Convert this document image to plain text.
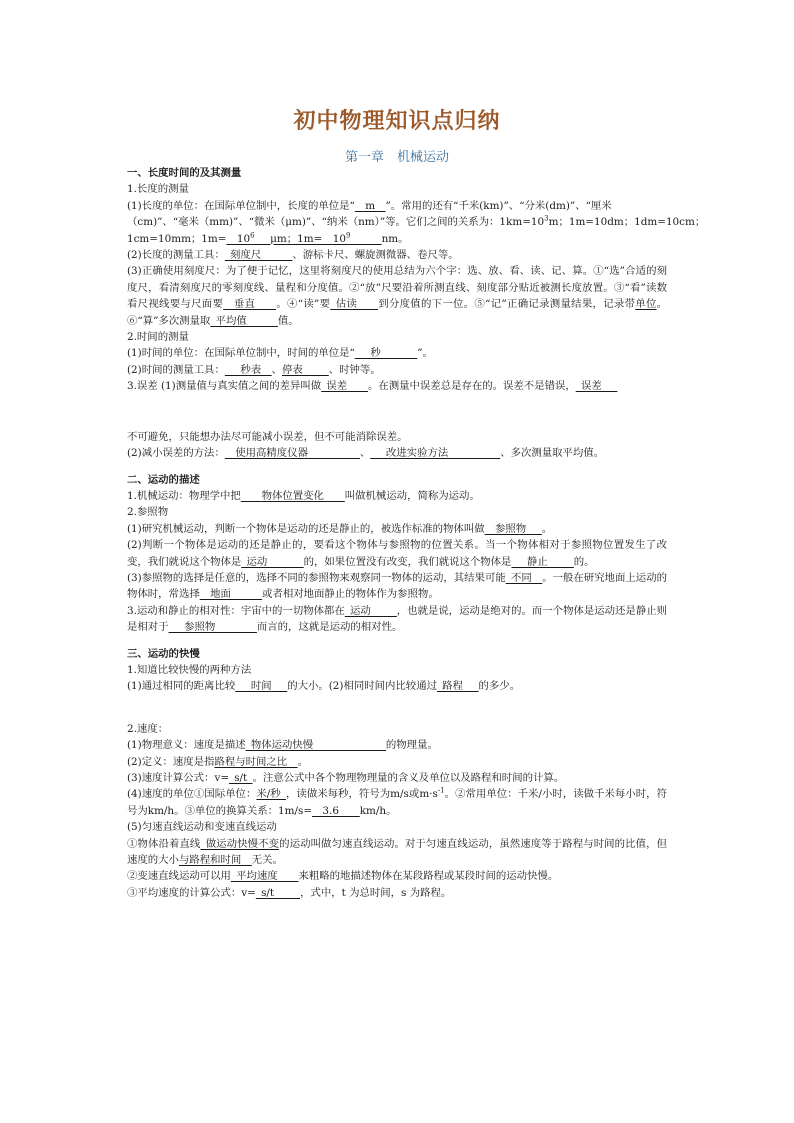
初中物理知识点归纳
第一章　机械运动

一、长度时间的及其测量

1.长度的测量

(1)长度的单位：在国际单位制中，长度的单位是“__m__”。常用的还有“千米(km)”、“分米(dm)”、“厘米

（cm)”、“毫米（mm)”、“微米（μm)”、“纳米（nm）”等。它们之间的关系为：$1km=10^3m$；1m=10dm；1dm=10cm；

1cm=10mm；$1m=\_\_10^6\_\_\_\mu m$；$1m=\_\_10^9\_\_\_\_\_\_nm$。

(2)长度的测量工具：_刻度尺______、游标卡尺、螺旋测微器、卷尺等。

(3)正确使用刻度尺：为了便于记忆，这里将刻度尺的使用总结为六个字：选、放、看、读、记、算。①“选”合适的刻度尺，看清刻度尺的零刻度线、量程和分度值。②“放”尺要沿着所测直线、刻度部分贴近被测长度放置。③“看”读数看尺视线要与尺面要__垂直____。④“读”要_估读____到分度值的下一位。⑤“记”正确记录测量结果，记录带单位。⑥“算”多次测量取_平均值______值。

2.时间的测量

(1)时间的单位：在国际单位制中，时间的单位是“___秒_______”。

(2)时间的测量工具：___秒表__、停表_____、时钟等。

3.误差 (1)测量值与真实值之间的差异叫做_误差____。在测量中误差总是存在的。误差不是错误，_误差___

不可避免，只能想办法尽可能减小误差，但不可能消除误差。

(2)减小误差的方法：__使用高精度仪器__________、___改进实验方法__________、多次测量取平均值。

二、运动的描述

1.机械运动：物理学中把____物体位置变化____叫做机械运动，简称为运动。

2.参照物

(1)研究机械运动，判断一个物体是运动的还是静止的，被选作标准的物体叫做__参照物___。

(2)判断一个物体是运动的还是静止的，要看这个物体与参照物的位置关系。当一个物体相对于参照物位置发生了改变，我们就说这个物体是_运动_______的，如果位置没有改变，我们就说这个物体是___静止_____的。

(3)参照物的选择是任意的，选择不同的参照物来观察同一物体的运动，其结果可能_不同__。一般在研究地面上运动的物体时，常选择__地面______或者相对地面静止的物体作为参照物。

3.运动和静止的相对性：宇宙中的一切物体都在_运动_____，也就是说，运动是绝对的。而一个物体是运动还是静止则是相对于___参照物________而言的，这就是运动的相对性。

三、运动的快慢

1.知道比较快慢的两种方法

(1)通过相同的距离比较___时间___的大小。(2)相同时间内比较通过_路程___的多少。

2.速度：

(1)物理意义：速度是描述_物体运动快慢______________的物理量。

(2)定义：速度是指路程与时间之比__。

(3)速度计算公式：v=_s/t_。注意公式中各个物理物理量的含义及单位以及路程和时间的计算。

(4)速度的单位①国际单位：米/秒_，读做米每秒，符号为m/s或$m\cdot s^{-1}$。②常用单位：千米/小时，读做千米每小时，符号为km/h。③单位的换算关系：1m/s=__3.6____km/h。

(5)匀速直线运动和变速直线运动

①物体沿着直线_做运动快慢不变的运动叫做匀速直线运动。对于匀速直线运动，虽然速度等于路程与时间的比值，但速度的大小与路程和时间__无关。

②变速直线运动可以用_平均速度____来粗略的地描述物体在某段路程或某段时间的运动快慢。

③平均速度的计算公式：v=_s/t_____，式中，t 为总时间，s 为路程。
